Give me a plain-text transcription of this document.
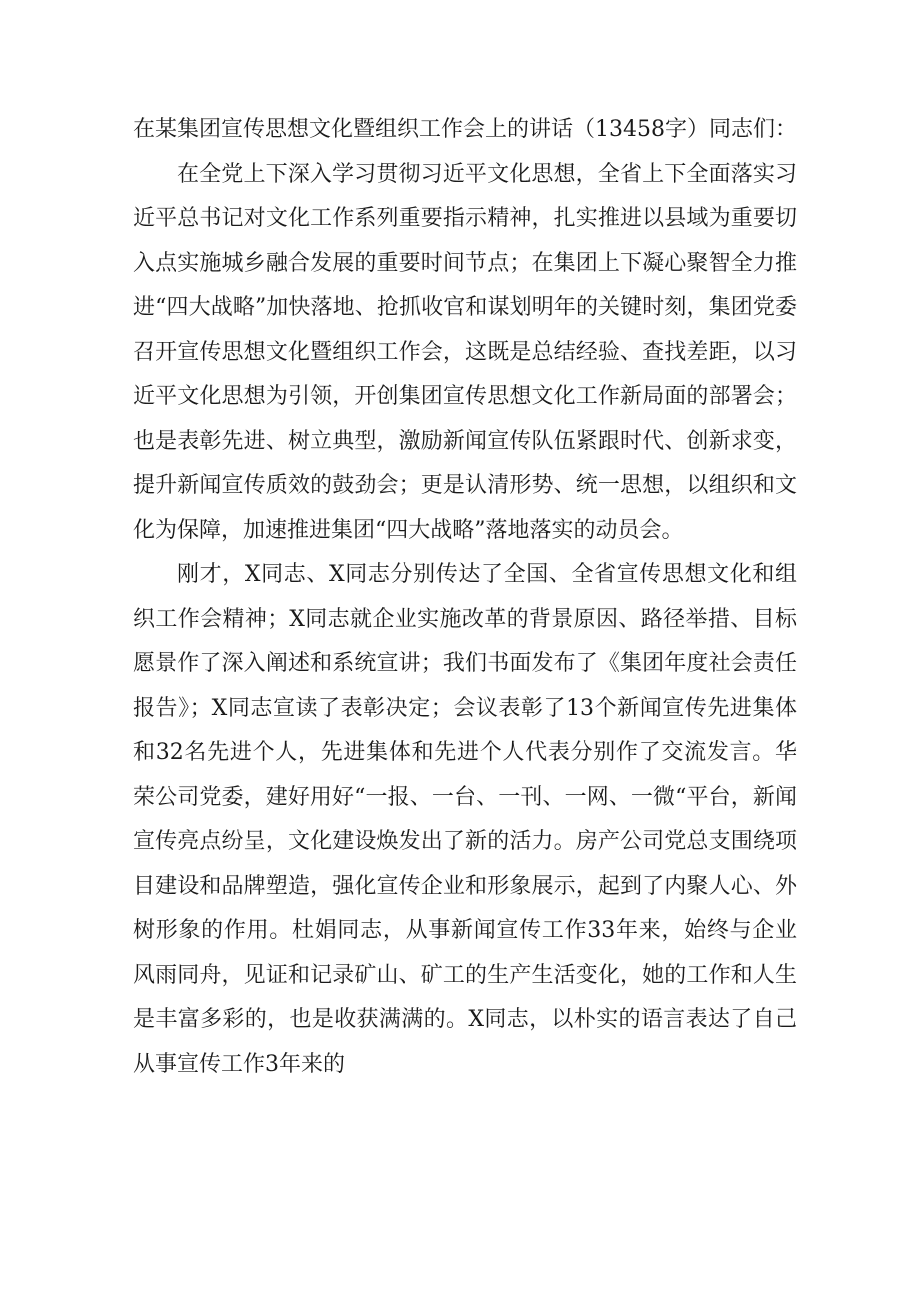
在某集团宣传思想文化暨组织工作会上的讲话（13458字）同志们：

在全党上下深入学习贯彻习近平文化思想，全省上下全面落实习近平总书记对文化工作系列重要指示精神，扎实推进以县域为重要切入点实施城乡融合发展的重要时间节点；在集团上下凝心聚智全力推进“四大战略”加快落地、抢抓收官和谋划明年的关键时刻，集团党委召开宣传思想文化暨组织工作会，这既是总结经验、查找差距，以习近平文化思想为引领，开创集团宣传思想文化工作新局面的部署会；也是表彰先进、树立典型，激励新闻宣传队伍紧跟时代、创新求变，提升新闻宣传质效的鼓劲会；更是认清形势、统一思想，以组织和文化为保障，加速推进集团“四大战略”落地落实的动员会。

刚才，X同志、X同志分别传达了全国、全省宣传思想文化和组织工作会精神；X同志就企业实施改革的背景原因、路径举措、目标愿景作了深入阐述和系统宣讲；我们书面发布了《集团年度社会责任报告》；X同志宣读了表彰决定；会议表彰了13个新闻宣传先进集体和32名先进个人，先进集体和先进个人代表分别作了交流发言。华荣公司党委，建好用好“一报、一台、一刊、一网、一微“平台，新闻宣传亮点纷呈，文化建设焕发出了新的活力。房产公司党总支围绕项目建设和品牌塑造，强化宣传企业和形象展示，起到了内聚人心、外树形象的作用。杜娟同志，从事新闻宣传工作33年来，始终与企业风雨同舟，见证和记录矿山、矿工的生产生活变化，她的工作和人生是丰富多彩的，也是收获满满的。X同志，以朴实的语言表达了自己从事宣传工作3年来的
